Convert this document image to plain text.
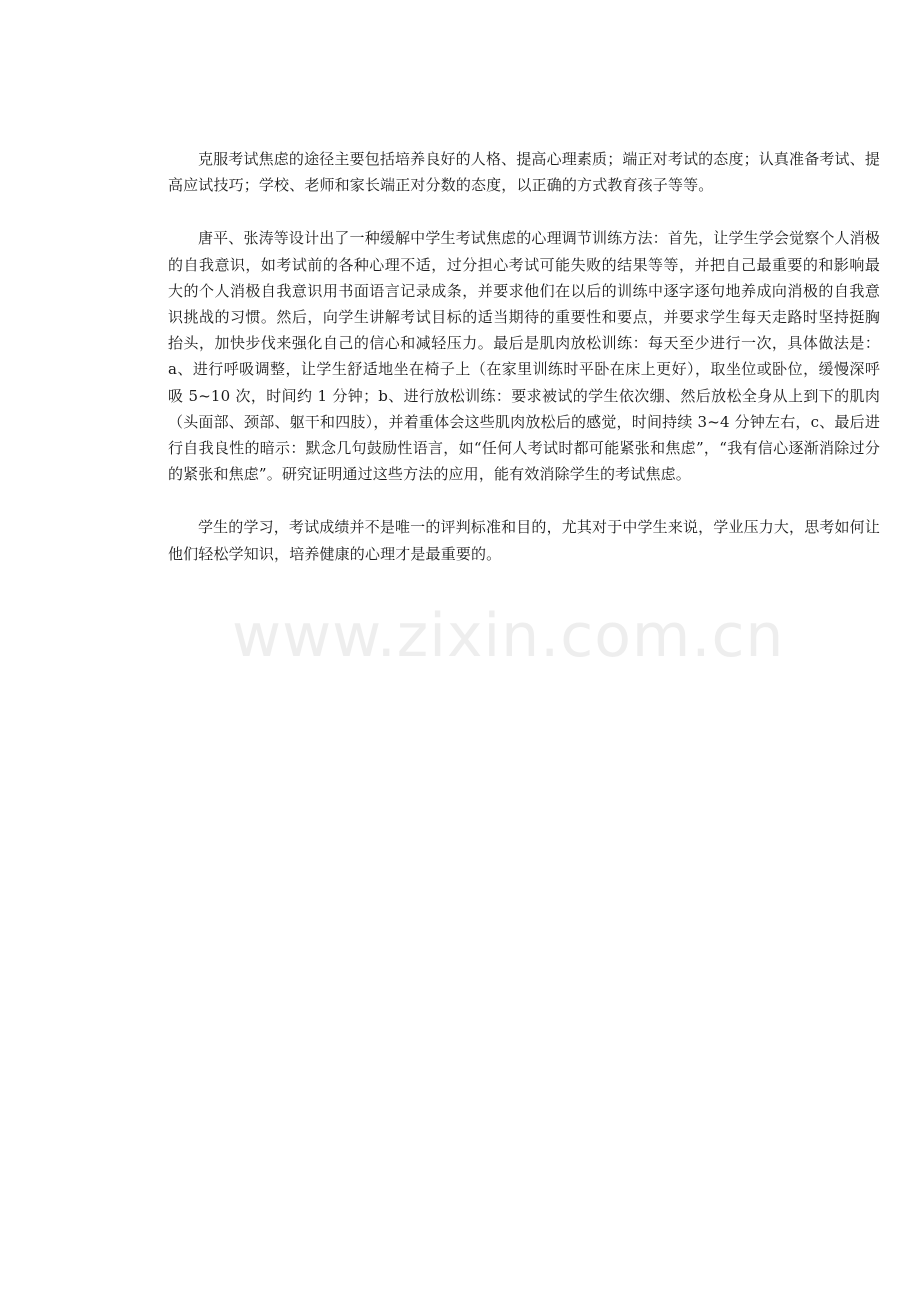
克服考试焦虑的途径主要包括培养良好的人格、提高心理素质；端正对考试的态度；认真准备考试、提高应试技巧；学校、老师和家长端正对分数的态度，以正确的方式教育孩子等等。

唐平、张涛等设计出了一种缓解中学生考试焦虑的心理调节训练方法：首先，让学生学会觉察个人消极的自我意识，如考试前的各种心理不适，过分担心考试可能失败的结果等等，并把自己最重要的和影响最大的个人消极自我意识用书面语言记录成条，并要求他们在以后的训练中逐字逐句地养成向消极的自我意识挑战的习惯。然后，向学生讲解考试目标的适当期待的重要性和要点，并要求学生每天走路时坚持挺胸抬头，加快步伐来强化自己的信心和减轻压力。最后是肌肉放松训练：每天至少进行一次，具体做法是：a、进行呼吸调整，让学生舒适地坐在椅子上（在家里训练时平卧在床上更好），取坐位或卧位，缓慢深呼吸 5~10 次，时间约 1 分钟；b、进行放松训练：要求被试的学生依次绷、然后放松全身从上到下的肌肉（头面部、颈部、躯干和四肢），并着重体会这些肌肉放松后的感觉，时间持续 3~4 分钟左右，c、最后进行自我良性的暗示：默念几句鼓励性语言，如“任何人考试时都可能紧张和焦虑”，“我有信心逐渐消除过分的紧张和焦虑”。研究证明通过这些方法的应用，能有效消除学生的考试焦虑。

学生的学习，考试成绩并不是唯一的评判标准和目的，尤其对于中学生来说，学业压力大，思考如何让他们轻松学知识，培养健康的心理才是最重要的。

www.zixin.com.cn
